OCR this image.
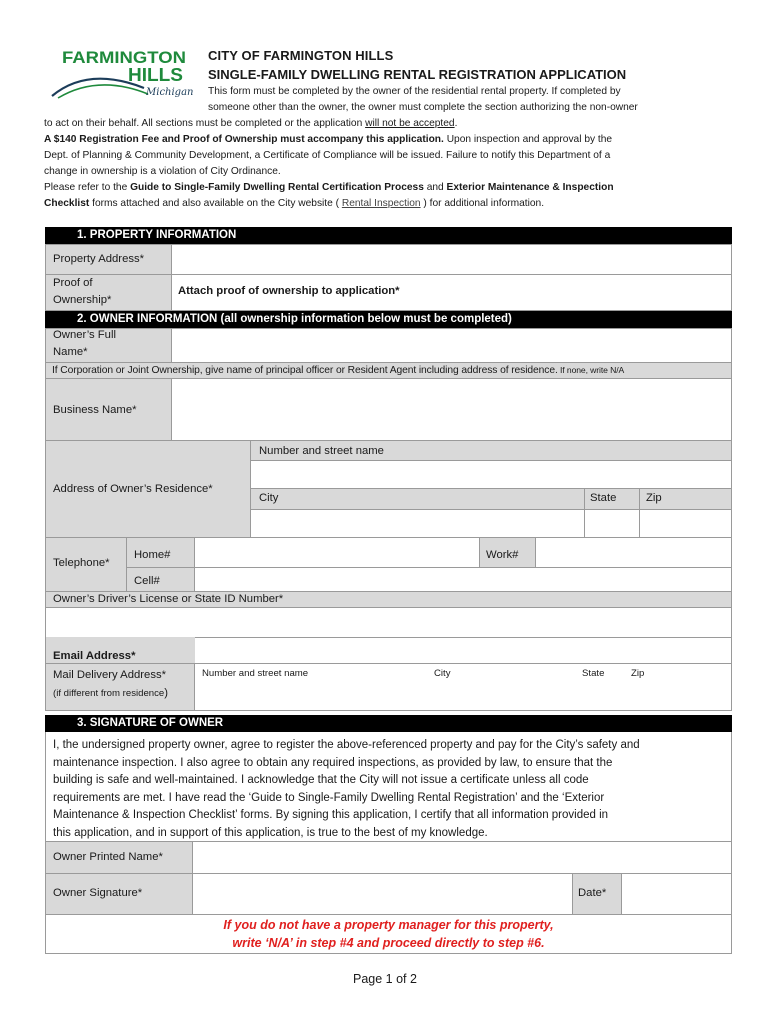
FARMINGTON
HILLS
Michigan
CITY OF FARMINGTON HILLS
SINGLE-FAMILY DWELLING RENTAL REGISTRATION APPLICATION
This form must be completed by the owner of the residential rental property. If completed by
someone other than the owner, the owner must complete the section authorizing the non-owner
to act on their behalf. All sections must be completed or the application will not be accepted.
A $140 Registration Fee and Proof of Ownership must accompany this application. Upon inspection and approval by the
Dept. of Planning & Community Development, a Certificate of Compliance will be issued. Failure to notify this Department of a
change in ownership is a violation of City Ordinance.
Please refer to the Guide to Single-Family Dwelling Rental Certification Process and Exterior Maintenance & Inspection
Checklist forms attached and also available on the City website ( Rental Inspection ) for additional information.
1. PROPERTY INFORMATION
Property Address*
Proof of
Ownership*
Attach proof of ownership to application*
2. OWNER INFORMATION (all ownership information below must be completed)
Owner’s Full
Name*
If Corporation or Joint Ownership, give name of principal officer or Resident Agent including address of residence. If none, write N/A
Business Name*
Address of Owner’s Residence*
Number and street name
City	State	Zip
Telephone*
Home#	Work#
Cell#
Owner’s Driver’s License or State ID Number*
Email Address*
Mail Delivery Address*
(if different from residence)
Number and street name	City	State	Zip
3. SIGNATURE OF OWNER
I, the undersigned property owner, agree to register the above-referenced property and pay for the City’s safety and
maintenance inspection. I also agree to obtain any required inspections, as provided by law, to ensure that the
building is safe and well-maintained. I acknowledge that the City will not issue a certificate unless all code
requirements are met. I have read the ‘Guide to Single-Family Dwelling Rental Registration’ and the ‘Exterior
Maintenance & Inspection Checklist’ forms. By signing this application, I certify that all information provided in
this application, and in support of this application, is true to the best of my knowledge.
Owner Printed Name*
Owner Signature*	Date*
If you do not have a property manager for this property,
write ‘N/A’ in step #4 and proceed directly to step #6.
Page 1 of 2
